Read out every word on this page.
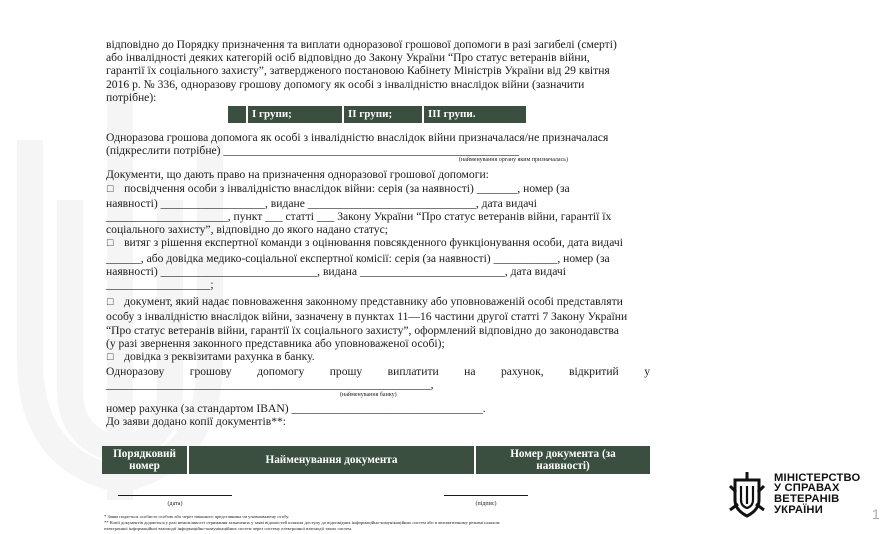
відповідно до Порядку призначення та виплати одноразової грошової допомоги в разі загибелі (смерті)
або інвалідності деяких категорій осіб відповідно до Закону України “Про статус ветеранів війни,
гарантії їх соціального захисту”, затвердженого постановою Кабінету Міністрів України від 29 квітня
2016 р. № 336, одноразову грошову допомогу як особі з інвалідністю внаслідок війни (зазначити
потрібне):
І групи;	ІІ групи;	ІІІ групи.
Одноразова грошова допомога як особі з інвалідністю внаслідок війни призначалася/не призначалася
(підкреслити потрібне) ___________________________________________________
(найменування органу яким призначалась)
Документи, що дають право на призначення одноразової грошової допомоги:
☐ посвідчення особи з інвалідністю внаслідок війни: серія (за наявності) _______, номер (за
наявності) __________________, видане _____________________________, дата видачі
_____________________, пункт ___ статті ___ Закону України “Про статус ветеранів війни, гарантії їх
соціального захисту”, відповідно до якого надано статус;
☐ витяг з рішення експертної команди з оцінювання повсякденного функціонування особи, дата видачі
______, або довідка медико-соціальної експертної комісії: серія (за наявності) ___________, номер (за
наявності) ___________________________, видана _________________________, дата видачі
__________________;
☐ документ, який надає повноваження законному представнику або уповноваженій особі представляти
особу з інвалідністю внаслідок війни, зазначену в пунктах 11—16 частини другої статті 7 Закону України
“Про статус ветеранів війни, гарантії їх соціального захисту”, оформлений відповідно до законодавства
(у разі звернення законного представника або уповноваженої особі);
☐ довідка з реквізитами рахунка в банку.
Одноразову грошову допомогу прошу виплатити на рахунок, відкритий у
________________________________________________________,
(найменування банку)
номер рахунка (за стандартом IBAN) _________________________________.
До заяви додано копії документів**:
Порядковий номер	Найменування документа	Номер документа (за наявності)
(дата)	(підпис)
* Заява подається особисто особою або через законного представника чи уповноважену особу.
** Копії документів додаються у разі неможливості отримання зазначених у заяві відомостей шляхом доступу до відповідних інформаційно-комунікаційних систем або в автоматичному режимі шляхом
електронної інформаційної взаємодії інформаційно-комунікаційних систем через систему електронної взаємодії таких систем.
МІНІСТЕРСТВО
У СПРАВАХ
ВЕТЕРАНІВ
УКРАЇНИ	1
